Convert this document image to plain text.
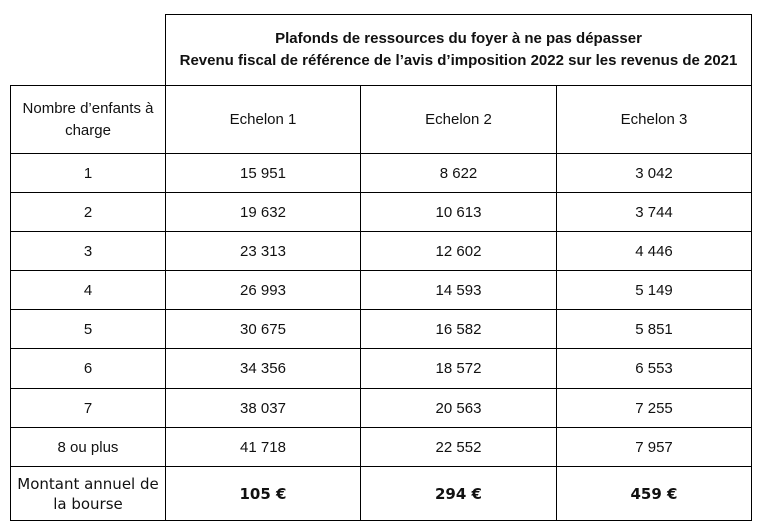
	Plafonds de ressources du foyer à ne pas dépasser
Revenu fiscal de référence de l’avis d’imposition 2022 sur les revenus de 2021		

Nombre d’enfants à
charge	Echelon 1	Echelon 2	Echelon 3
1	15 951	8 622	3 042
2	19 632	10 613	3 744
3	23 313	12 602	4 446
4	26 993	14 593	5 149
5	30 675	16 582	5 851
6	34 356	18 572	6 553
7	38 037	20 563	7 255
8 ou plus	41 718	22 552	7 957

Montant annuel de
la bourse	105 €	294 €	459 €
